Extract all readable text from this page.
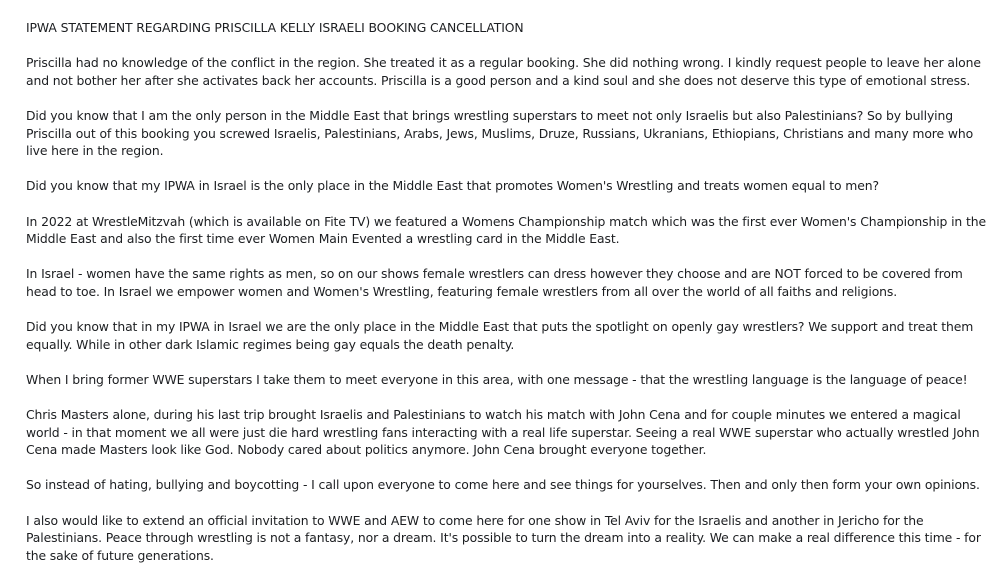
IPWA STATEMENT REGARDING PRISCILLA KELLY ISRAELI BOOKING CANCELLATION

Priscilla had no knowledge of the conflict in the region. She treated it as a regular booking. She did nothing wrong. I kindly request people to leave her alone and not bother her after she activates back her accounts. Priscilla is a good person and a kind soul and she does not deserve this type of emotional stress.

Did you know that I am the only person in the Middle East that brings wrestling superstars to meet not only Israelis but also Palestinians? So by bullying Priscilla out of this booking you screwed Israelis, Palestinians, Arabs, Jews, Muslims, Druze, Russians, Ukranians, Ethiopians, Christians and many more who live here in the region.

Did you know that my IPWA in Israel is the only place in the Middle East that promotes Women's Wrestling and treats women equal to men?

In 2022 at WrestleMitzvah (which is available on Fite TV) we featured a Womens Championship match which was the first ever Women's Championship in the Middle East and also the first time ever Women Main Evented a wrestling card in the Middle East.

In Israel - women have the same rights as men, so on our shows female wrestlers can dress however they choose and are NOT forced to be covered from head to toe. In Israel we empower women and Women's Wrestling, featuring female wrestlers from all over the world of all faiths and religions.

Did you know that in my IPWA in Israel we are the only place in the Middle East that puts the spotlight on openly gay wrestlers? We support and treat them equally. While in other dark Islamic regimes being gay equals the death penalty.

When I bring former WWE superstars I take them to meet everyone in this area, with one message - that the wrestling language is the language of peace!

Chris Masters alone, during his last trip brought Israelis and Palestinians to watch his match with John Cena and for couple minutes we entered a magical world - in that moment we all were just die hard wrestling fans interacting with a real life superstar. Seeing a real WWE superstar who actually wrestled John Cena made Masters look like God. Nobody cared about politics anymore. John Cena brought everyone together.

So instead of hating, bullying and boycotting - I call upon everyone to come here and see things for yourselves. Then and only then form your own opinions.

I also would like to extend an official invitation to WWE and AEW to come here for one show in Tel Aviv for the Israelis and another in Jericho for the Palestinians. Peace through wrestling is not a fantasy, nor a dream. It's possible to turn the dream into a reality. We can make a real difference this time - for the sake of future generations.
